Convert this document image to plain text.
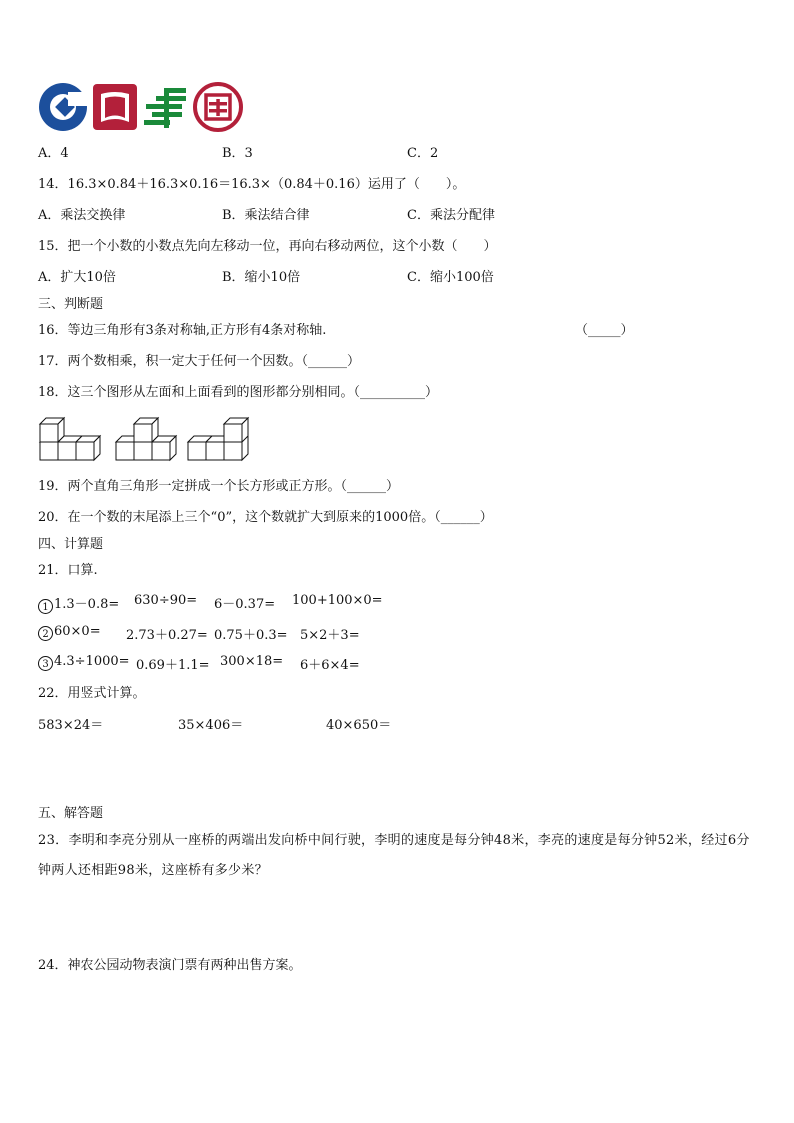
A．4	B．3	C．2
14．16.3×0.84＋16.3×0.16＝16.3×（0.84＋0.16）运用了（　　）。
A．乘法交换律	B．乘法结合律	C．乘法分配律
15．把一个小数的小数点先向左移动一位，再向右移动两位，这个小数（　　）
A．扩大10倍	B．缩小10倍	C．缩小100倍
三、判断题
16．等边三角形有3条对称轴,正方形有4条对称轴.	（_____）
17．两个数相乘，积一定大于任何一个因数。（______）
18．这三个图形从左面和上面看到的图形都分别相同。（__________）
19．两个直角三角形一定拼成一个长方形或正方形。（______）
20．在一个数的末尾添上三个“0”，这个数就扩大到原来的1000倍。（______）
四、计算题
21．口算.
1 1.3－0.8= 630÷90= 6－0.37= 100+100×0=
2 60×0= 2.73＋0.27= 0.75＋0.3= 5×2＋3=
3 4.3÷1000= 0.69＋1.1= 300×18= 6＋6×4=
22．用竖式计算。
583×24＝	35×406＝	40×650＝
五、解答题
23．李明和李亮分别从一座桥的两端出发向桥中间行驶，李明的速度是每分钟48米，李亮的速度是每分钟52米，经过6分钟两人还相距98米，这座桥有多少米？
24．神农公园动物表演门票有两种出售方案。
